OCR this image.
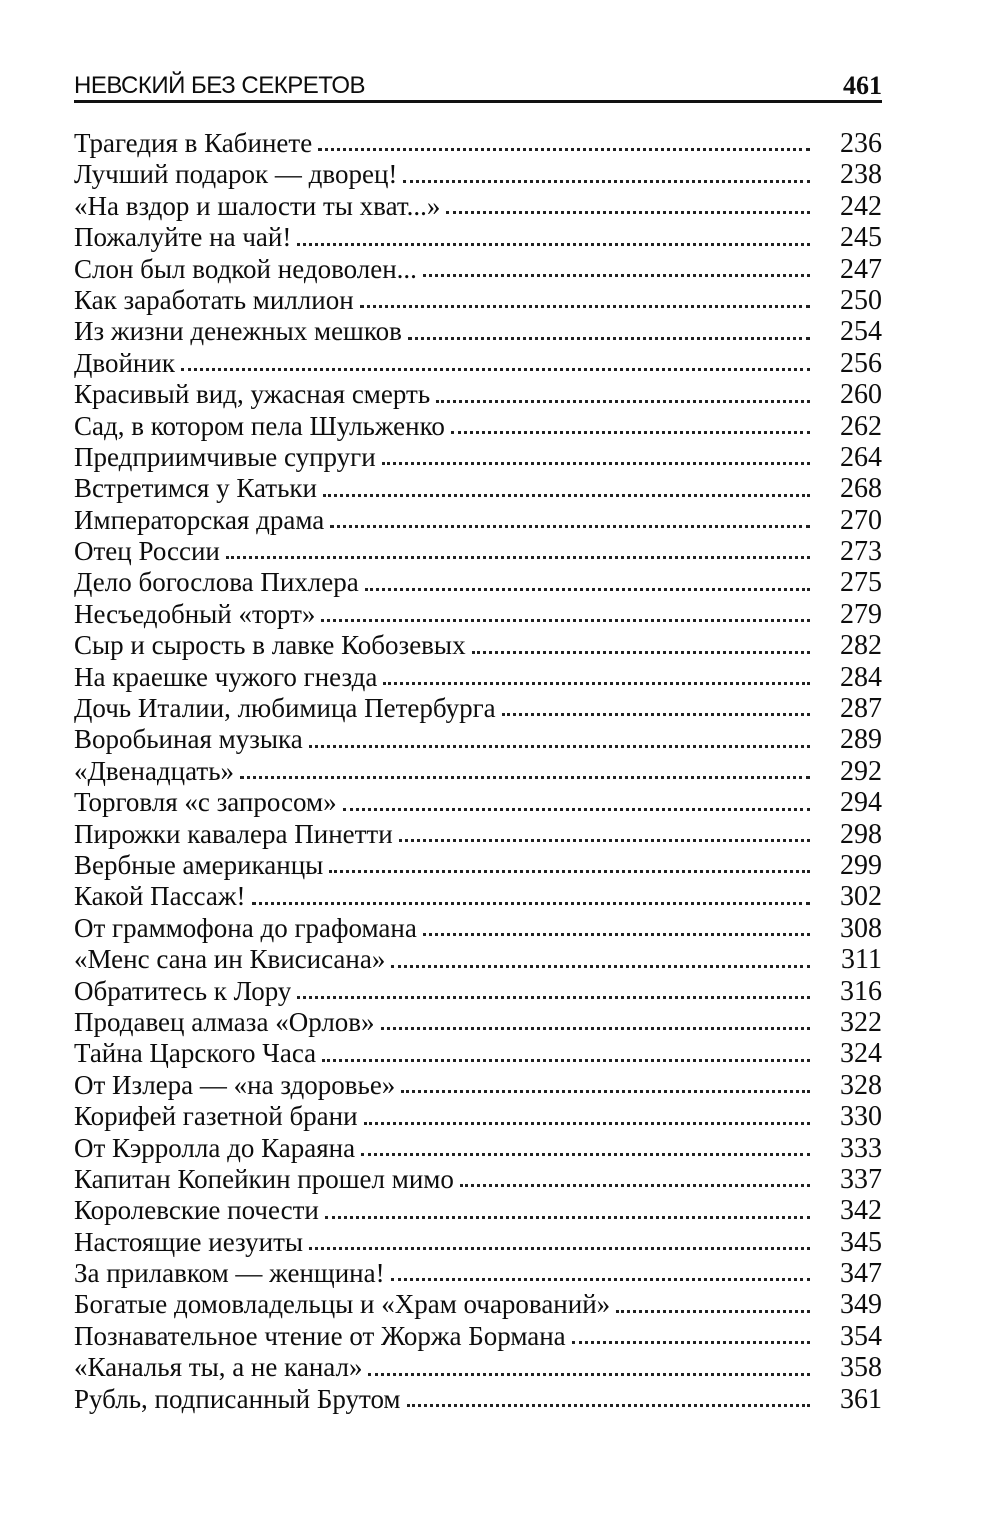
НЕВСКИЙ БЕЗ СЕКРЕТОВ	461
Трагедия в Кабинете	236
Лучший подарок — дворец!	238
«На вздор и шалости ты хват...»	242
Пожалуйте на чай!	245
Слон был водкой недоволен...	247
Как заработать миллион	250
Из жизни денежных мешков	254
Двойник	256
Красивый вид, ужасная смерть	260
Сад, в котором пела Шульженко	262
Предприимчивые супруги	264
Встретимся у Катьки	268
Императорская драма	270
Отец России	273
Дело богослова Пихлера	275
Несъедобный «торт»	279
Сыр и сырость в лавке Кобозевых	282
На краешке чужого гнезда	284
Дочь Италии, любимица Петербурга	287
Воробьиная музыка	289
«Двенадцать»	292
Торговля «с запросом»	294
Пирожки кавалера Пинетти	298
Вербные американцы	299
Какой Пассаж!	302
От граммофона до графомана	308
«Менс сана ин Квисисана»	311
Обратитесь к Лору	316
Продавец алмаза «Орлов»	322
Тайна Царского Часа	324
От Излера — «на здоровье»	328
Корифей газетной брани	330
От Кэрролла до Караяна	333
Капитан Копейкин прошел мимо	337
Королевские почести	342
Настоящие иезуиты	345
За прилавком — женщина!	347
Богатые домовладельцы и «Храм очарований»	349
Познавательное чтение от Жоржа Бормана	354
«Каналья ты, а не канал»	358
Рубль, подписанный Брутом	361
